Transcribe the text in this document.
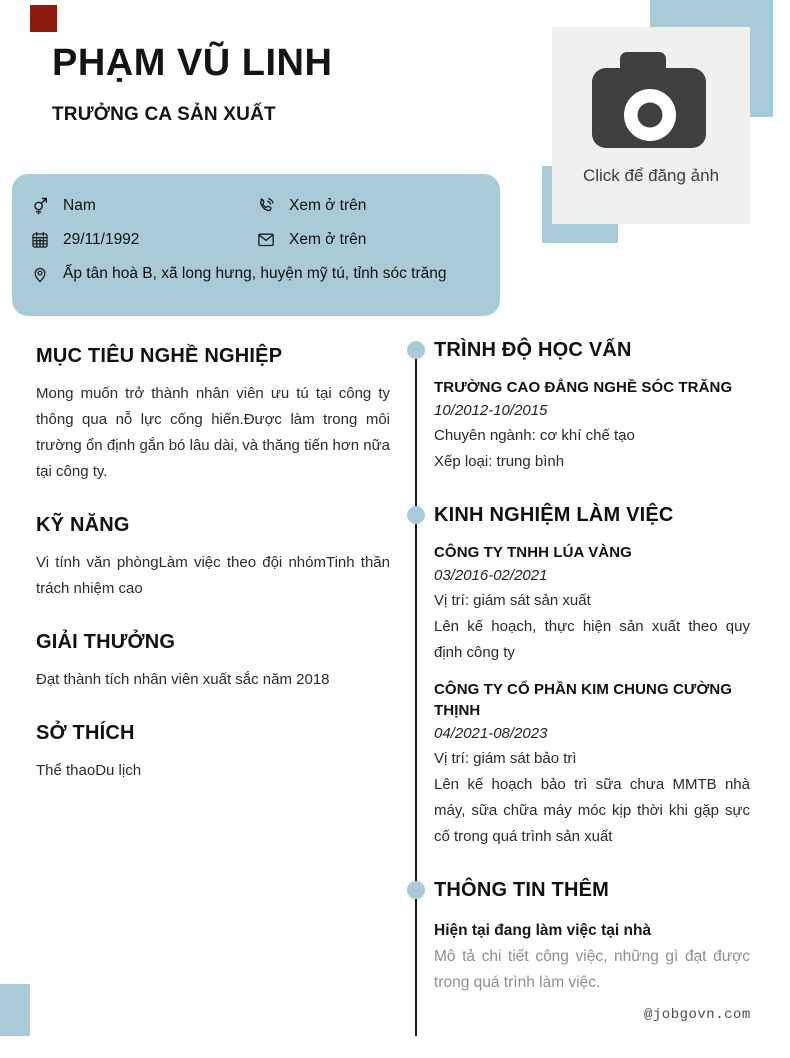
PHẠM VŨ LINH
TRƯỞNG CA SẢN XUẤT
Click để đăng ảnh
Nam	Xem ở trên
29/11/1992	Xem ở trên
Ấp tân hoà B, xã long hưng, huyện mỹ tú, tỉnh sóc trăng
MỤC TIÊU NGHỀ NGHIỆP
Mong muốn trở thành nhân viên ưu tú tại công ty thông qua nỗ lực cống hiến.Được làm trong môi trường ổn định gắn bó lâu dài, và thăng tiến hơn nữa tại công ty.
KỸ NĂNG
Vi tính văn phòngLàm việc theo đội nhómTinh thần trách nhiệm cao
GIẢI THƯỞNG
Đạt thành tích nhân viên xuất sắc năm 2018
SỞ THÍCH
Thể thaoDu lịch
TRÌNH ĐỘ HỌC VẤN
TRƯỜNG CAO ĐẲNG NGHỀ SÓC TRĂNG
10/2012-10/2015

Chuyên ngành: cơ khí chế tạo

Xếp loại: trung bình

KINH NGHIỆM LÀM VIỆC
CÔNG TY TNHH LÚA VÀNG
03/2016-02/2021

Vị trí: giám sát sản xuất

Lên kế hoạch, thực hiện sản xuất theo quy định công ty

CÔNG TY CỔ PHẦN KIM CHUNG CƯỜNG THỊNH
04/2021-08/2023

Vị trí: giám sát bảo trì

Lên kế hoạch bảo trì sữa chưa MMTB nhà máy, sữa chữa máy móc kịp thời khi gặp sực cố trong quá trình sản xuất

THÔNG TIN THÊM
Hiện tại đang làm việc tại nhà
Mô tả chi tiết công việc, những gì đạt được trong quá trình làm việc.
@jobgovn.com
